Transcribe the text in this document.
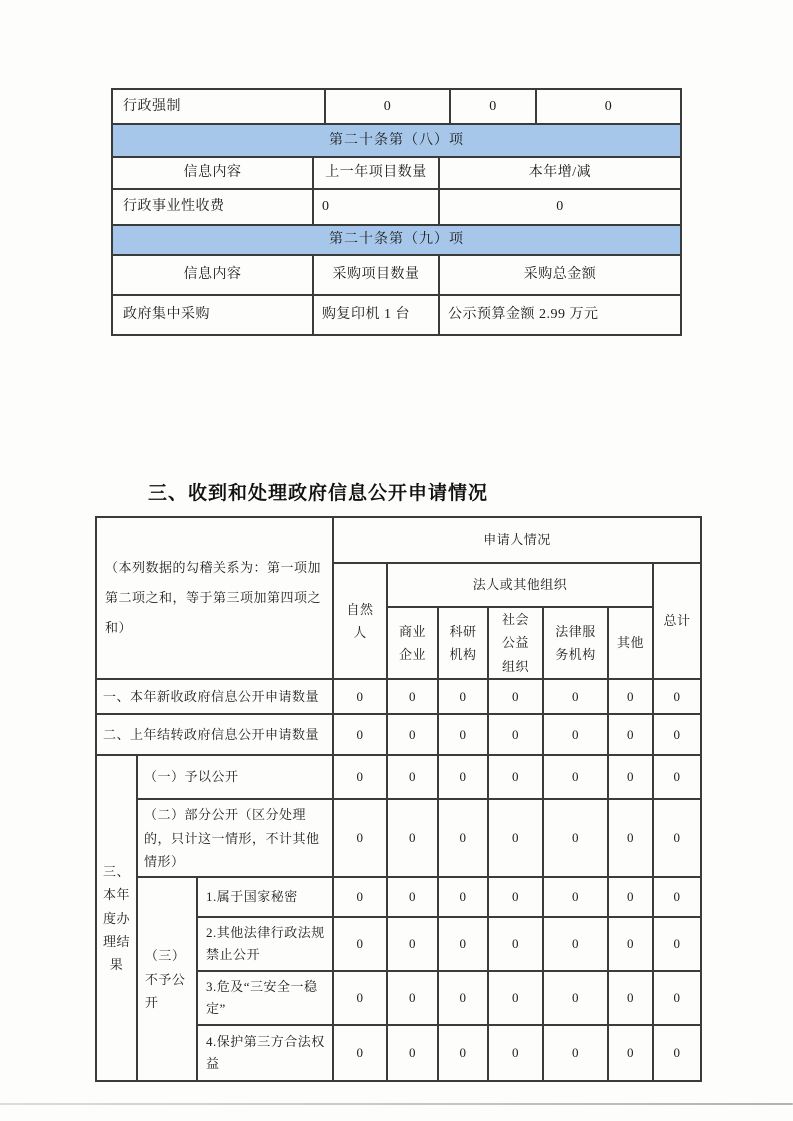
行政强制		0		0	0
第二十条第（八）项					
信息内容	上一年项目数量		本年增/减		
行政事业性收费	0		0		
第二十条第（九）项					
信息内容	采购项目数量		采购总金额		
政府集中采购	购复印机 1 台		公示预算金额 2.99 万元		
三、收到和处理政府信息公开申请情况
（本列数据的勾稽关系为：第一项加第二项之和，等于第三项加第四项之和）			申请人情况						
			自然人	法人或其他组织					总计
				商业企业	科研机构	社会公益组织	法律服务机构	其他	
一、本年新收政府信息公开申请数量			0	0	0	0	0	0	0
二、上年结转政府信息公开申请数量			0	0	0	0	0	0	0
三、本年度办理结果	（一）予以公开		0	0	0	0	0	0	0
	（二）部分公开（区分处理的，只计这一情形，不计其他情形）		0	0	0	0	0	0	0
	（三）不予公开	1.属于国家秘密	0	0	0	0	0	0	0
		2.其他法律行政法规禁止公开	0	0	0	0	0	0	0
		3.危及“三安全一稳定”	0	0	0	0	0	0	0
		4.保护第三方合法权益	0	0	0	0	0	0	0
